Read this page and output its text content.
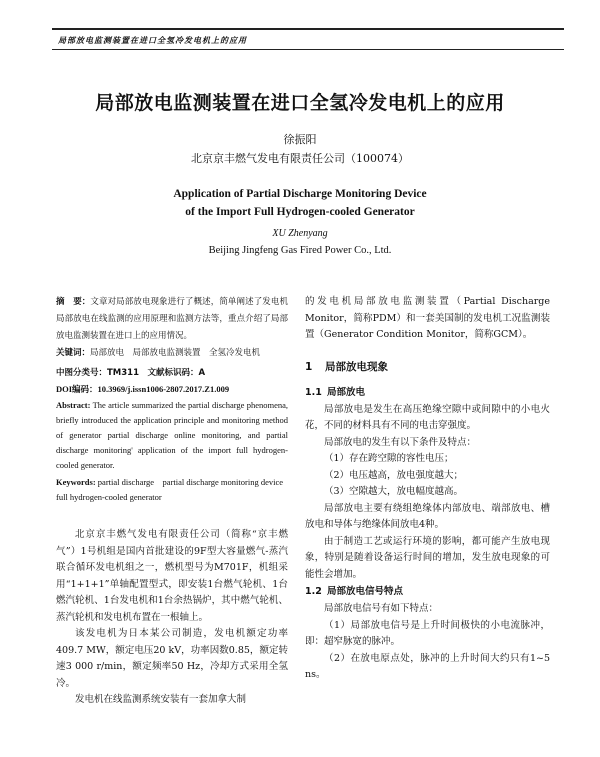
局部放电监测装置在进口全氢冷发电机上的应用
局部放电监测装置在进口全氢冷发电机上的应用
徐振阳
北京京丰燃气发电有限责任公司（100074）
Application of Partial Discharge Monitoring Device
of the Import Full Hydrogen-cooled Generator
XU Zhenyang
Beijing Jingfeng Gas Fired Power Co., Ltd.
摘　要：文章对局部放电现象进行了概述，简单阐述了发电机局部放电在线监测的应用原理和监测方法等，重点介绍了局部放电监测装置在进口上的应用情况。
关键词：局部放电　局部放电监测装置　全氢冷发电机
中图分类号：TM311　文献标识码：A
DOI编码：10.3969/j.issn1006-2807.2017.Z1.009
Abstract: The article summarized the partial discharge phenomena, briefly introduced the application principle and monitoring method of generator partial discharge online monitoring, and partial discharge monitoring' application of the import full hydrogen-cooled generator.
Keywords: partial discharge　partial discharge monitoring device　full hydrogen-cooled generator

北京京丰燃气发电有限责任公司（简称“京丰燃气”）1号机组是国内首批建设的9F型大容量燃气-蒸汽联合循环发电机组之一，燃机型号为M701F，机组采用“1+1+1”单轴配置型式，即安装1台燃气轮机、1台燃汽轮机、1台发电机和1台余热锅炉，其中燃气轮机、蒸汽轮机和发电机布置在一根轴上。

该发电机为日本某公司制造，发电机额定功率409.7 MW，额定电压20 kV，功率因数0.85，额定转速3 000 r/min，额定频率50 Hz，冷却方式采用全氢冷。

发电机在线监测系统安装有一套加拿大制

的发电机局部放电监测装置（Partial Discharge Monitor，简称PDM）和一套美国制的发电机工况监测装置（Generator Condition Monitor，简称GCM）。
1 局部放电现象
1.1 局部放电

局部放电是发生在高压绝缘空隙中或间隙中的小电火花，不同的材料具有不同的电击穿强度。

局部放电的发生有以下条件及特点：

（1）存在跨空隙的容性电压；

（2）电压越高，放电强度越大；

（3）空隙越大，放电幅度越高。

局部放电主要有绕组绝缘体内部放电、端部放电、槽放电和导体与绝缘体间放电4种。

由于制造工艺或运行环境的影响，都可能产生放电现象，特别是随着设备运行时间的增加，发生放电现象的可能性会增加。

1.2 局部放电信号特点

局部放电信号有如下特点：

（1）局部放电信号是上升时间极快的小电流脉冲，即：超窄脉宽的脉冲。

（2）在放电原点处，脉冲的上升时间大约只有1~5 ns。
